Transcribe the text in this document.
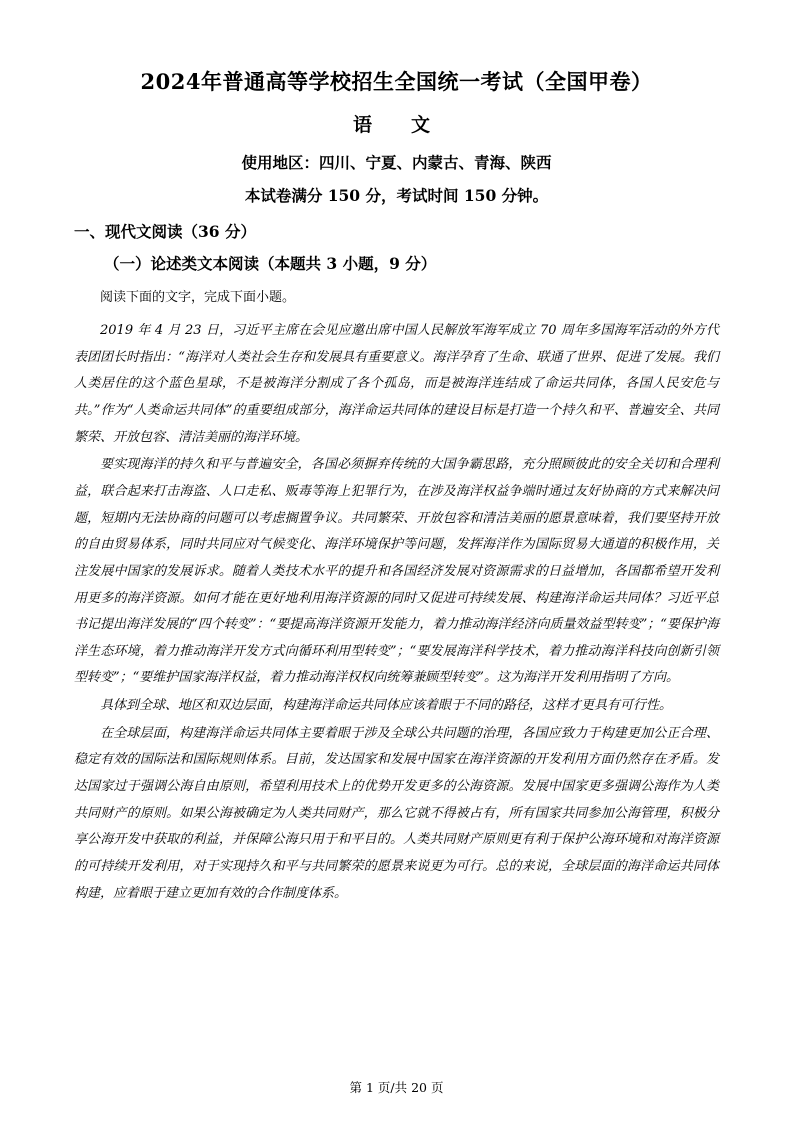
2024年普通高等学校招生全国统一考试（全国甲卷）
语　文
使用地区：四川、宁夏、内蒙古、青海、陕西
本试卷满分 150 分，考试时间 150 分钟。
一、现代文阅读（36 分）
（一）论述类文本阅读（本题共 3 小题，9 分）
阅读下面的文字，完成下面小题。
2019 年 4 月 23 日，习近平主席在会见应邀出席中国人民解放军海军成立 70 周年多国海军活动的外方代表团团长时指出：“海洋对人类社会生存和发展具有重要意义。海洋孕育了生命、联通了世界、促进了发展。我们人类居住的这个蓝色星球，不是被海洋分割成了各个孤岛，而是被海洋连结成了命运共同体，各国人民安危与共。”作为“人类命运共同体”的重要组成部分，海洋命运共同体的建设目标是打造一个持久和平、普遍安全、共同繁荣、开放包容、清洁美丽的海洋环境。
要实现海洋的持久和平与普遍安全，各国必须摒弃传统的大国争霸思路，充分照顾彼此的安全关切和合理利益，联合起来打击海盗、人口走私、贩毒等海上犯罪行为，在涉及海洋权益争端时通过友好协商的方式来解决问题，短期内无法协商的问题可以考虑搁置争议。共同繁荣、开放包容和清洁美丽的愿景意味着，我们要坚持开放的自由贸易体系，同时共同应对气候变化、海洋环境保护等问题，发挥海洋作为国际贸易大通道的积极作用，关注发展中国家的发展诉求。随着人类技术水平的提升和各国经济发展对资源需求的日益增加，各国都希望开发利用更多的海洋资源。如何才能在更好地利用海洋资源的同时又促进可持续发展、构建海洋命运共同体？习近平总书记提出海洋发展的“四个转变”：“要提高海洋资源开发能力，着力推动海洋经济向质量效益型转变”；“要保护海洋生态环境，着力推动海洋开发方式向循环利用型转变”；“要发展海洋科学技术，着力推动海洋科技向创新引领型转变”；“要维护国家海洋权益，着力推动海洋权权向统筹兼顾型转变”。这为海洋开发利用指明了方向。
具体到全球、地区和双边层面，构建海洋命运共同体应该着眼于不同的路径，这样才更具有可行性。
在全球层面，构建海洋命运共同体主要着眼于涉及全球公共问题的治理，各国应致力于构建更加公正合理、稳定有效的国际法和国际规则体系。目前，发达国家和发展中国家在海洋资源的开发利用方面仍然存在矛盾。发达国家过于强调公海自由原则，希望利用技术上的优势开发更多的公海资源。发展中国家更多强调公海作为人类共同财产的原则。如果公海被确定为人类共同财产，那么它就不得被占有，所有国家共同参加公海管理，积极分享公海开发中获取的利益，并保障公海只用于和平目的。人类共同财产原则更有利于保护公海环境和对海洋资源的可持续开发利用，对于实现持久和平与共同繁荣的愿景来说更为可行。总的来说，全球层面的海洋命运共同体构建，应着眼于建立更加有效的合作制度体系。
第 1 页/共 20 页
